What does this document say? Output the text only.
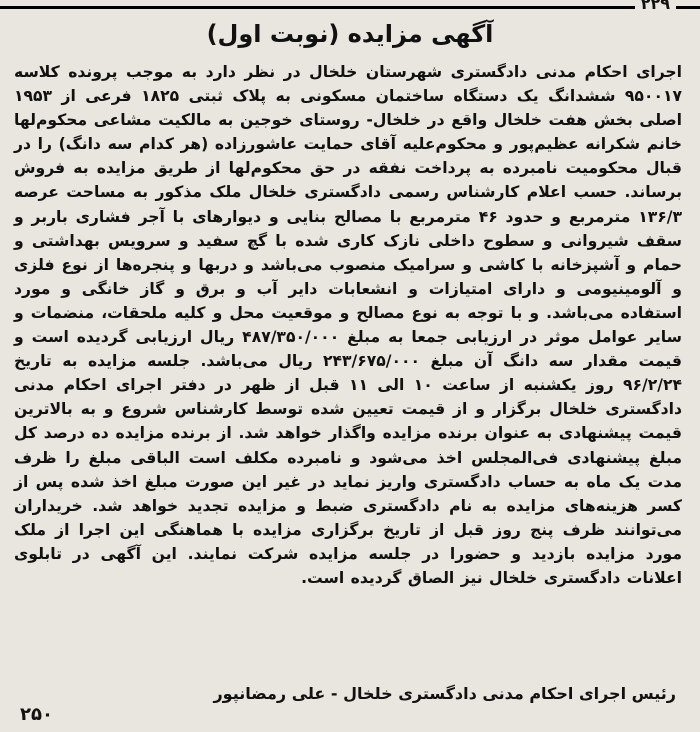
۲۲۹
آگهی مزایده (نوبت اول)
اجرای احکام مدنی دادگستری شهرستان خلخال در نظر دارد به موجب پرونده کلاسه ۹۵۰۰۱۷ ششدانگ یک دستگاه ساختمان مسکونی به پلاک ثبتی ۱۸۲۵ فرعی از ۱۹۵۳ اصلی بخش هفت خلخال واقع در خلخال- روستای خوجین به مالکیت مشاعی محکوم‌لها خانم شکرانه عظیم‌پور و محکوم‌علیه آقای حمایت عاشورزاده (هر کدام سه دانگ) را در قبال محکومیت نامبرده به پرداخت نفقه در حق محکوم‌لها از طریق مزایده به فروش برساند. حسب اعلام کارشناس رسمی دادگستری خلخال ملک مذکور به مساحت عرصه ۱۳۶/۳ مترمربع و حدود ۴۶ مترمربع با مصالح بنایی و دیوارهای با آجر فشاری باربر و سقف شیروانی و سطوح داخلی نازک کاری شده با گچ سفید و سرویس بهداشتی و حمام و آشپزخانه با کاشی و سرامیک منصوب می‌باشد و دربها و پنجره‌ها از نوع فلزی و آلومینیومی و دارای امتیازات و انشعابات دایر آب و برق و گاز خانگی و مورد استفاده می‌باشد. و با توجه به نوع مصالح و موقعیت محل و کلیه ملحقات، منضمات و سایر عوامل موثر در ارزیابی جمعا به مبلغ ۴۸۷/۳۵۰/۰۰۰ ریال ارزیابی گردیده است و قیمت مقدار سه دانگ آن مبلغ ۲۴۳/۶۷۵/۰۰۰ ریال می‌باشد. جلسه مزایده به تاریخ ۹۶/۲/۲۴ روز یکشنبه از ساعت ۱۰ الی ۱۱ قبل از ظهر در دفتر اجرای احکام مدنی دادگستری خلخال برگزار و از قیمت تعیین شده توسط کارشناس شروع و به بالاترین قیمت پیشنهادی به عنوان برنده مزایده واگذار خواهد شد. از برنده مزایده ده درصد کل مبلغ پیشنهادی فی‌المجلس اخذ می‌شود و نامبرده مکلف است الباقی مبلغ را ظرف مدت یک ماه به حساب دادگستری واریز نماید در غیر این صورت مبلغ اخذ شده پس از کسر هزینه‌های مزایده به نام دادگستری ضبط و مزایده تجدید خواهد شد. خریداران می‌توانند ظرف پنج روز قبل از تاریخ برگزاری مزایده با هماهنگی این اجرا از ملک مورد مزایده بازدید و حضورا در جلسه مزایده شرکت نمایند. این آگهی در تابلوی اعلانات دادگستری خلخال نیز الصاق گردیده است.
رئیس اجرای احکام مدنی دادگستری خلخال - علی رمضانپور
۲۵۰
